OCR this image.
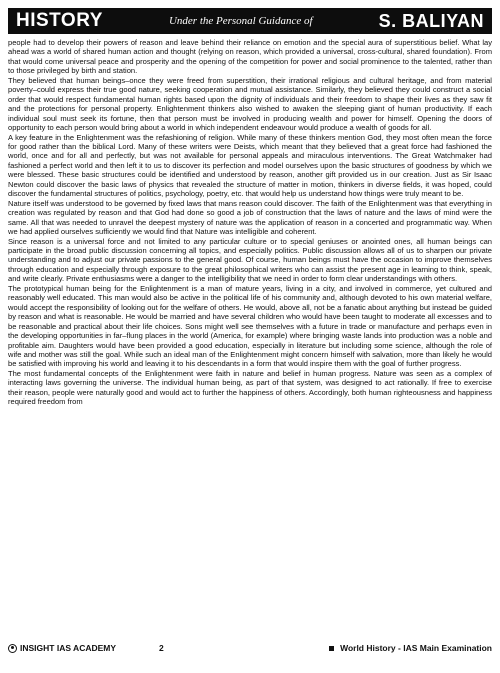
HISTORY	Under the Personal Guidance of	S. BALIYAN

people had to develop their powers of reason and leave behind their reliance on emotion and the special aura of superstitious belief. What lay ahead was a world of shared human action and thought (relying on reason, which provided a universal, cross-cultural, shared foundation). From that would come universal peace and prosperity and the opening of the competition for power and social prominence to the talented, rather than to those privileged by birth and station.

They believed that human beings–once they were freed from superstition, their irrational religious and cultural heritage, and from material poverty–could express their true good nature, seeking cooperation and mutual assistance. Similarly, they believed they could construct a social order that would respect fundamental human rights based upon the dignity of individuals and their freedom to shape their lives as they saw fit and the protections for personal property. Enlightenment thinkers also wished to awaken the sleeping giant of human productivity. If each individual soul must seek its fortune, then that person must be involved in producing wealth and power for himself. Opening the doors of opportunity to each person would bring about a world in which independent endeavour would produce a wealth of goods for all.

A key feature in the Enlightenment was the refashioning of religion. While many of these thinkers mention God, they most often mean the force for good rather than the biblical Lord. Many of these writers were Deists, which meant that they believed that a great force had fashioned the world, once and for all and perfectly, but was not available for personal appeals and miraculous interventions. The Great Watchmaker had fashioned a perfect world and then left it to us to discover its perfection and model ourselves upon the basic structures of goodness by which we were blessed. These basic structures could be identified and understood by reason, another gift provided us in our creation. Just as Sir Isaac Newton could discover the basic laws of physics that revealed the structure of matter in motion, thinkers in diverse fields, it was hoped, could discover the fundamental structures of politics, psychology, poetry, etc. that would help us understand how things were truly meant to be.

Nature itself was understood to be governed by fixed laws that mans reason could discover. The faith of the Enlightenment was that everything in creation was regulated by reason and that God had done so good a job of construction that the laws of nature and the laws of mind were the same. All that was needed to unravel the deepest mystery of nature was the application of reason in a concerted and programmatic way. When we had applied ourselves sufficiently we would find that Nature was intelligible and coherent.

Since reason is a universal force and not limited to any particular culture or to special geniuses or anointed ones, all human beings can participate in the broad public discussion concerning all topics, and especially politics. Public discussion allows all of us to sharpen our private understanding and to adjust our private passions to the general good. Of course, human beings must have the occasion to improve themselves through education and especially through exposure to the great philosophical writers who can assist the present age in learning to think, speak, and write clearly. Private enthusiasms were a danger to the intelligibility that we need in order to form clear understandings with others.

The prototypical human being for the Enlightenment is a man of mature years, living in a city, and involved in commerce, yet cultured and reasonably well educated. This man would also be active in the political life of his community and, although devoted to his own material welfare, would accept the responsibility of looking out for the welfare of others. He would, above all, not be a fanatic about anything but instead be guided by reason and what is reasonable. He would be married and have several children who would have been taught to moderate all excesses and to be reasonable and practical about their life choices. Sons might well see themselves with a future in trade or manufacture and perhaps even in the developing opportunities in far–flung places in the world (America, for example) where bringing waste lands into production was a noble and profitable aim. Daughters would have been provided a good education, especially in literature but including some science, although the role of wife and mother was still the goal. While such an ideal man of the Enlightenment might concern himself with salvation, more than likely he would be satisfied with improving his world and leaving it to his descendants in a form that would inspire them with the goal of further progress.

The most fundamental concepts of the Enlightenment were faith in nature and belief in human progress. Nature was seen as a complex of interacting laws governing the universe. The individual human being, as part of that system, was designed to act rationally. If free to exercise their reason, people were naturally good and would act to further the happiness of others. Accordingly, both human righteousness and happiness required freedom from

INSIGHT IAS ACADEMY	2	World History - IAS Main Examination
